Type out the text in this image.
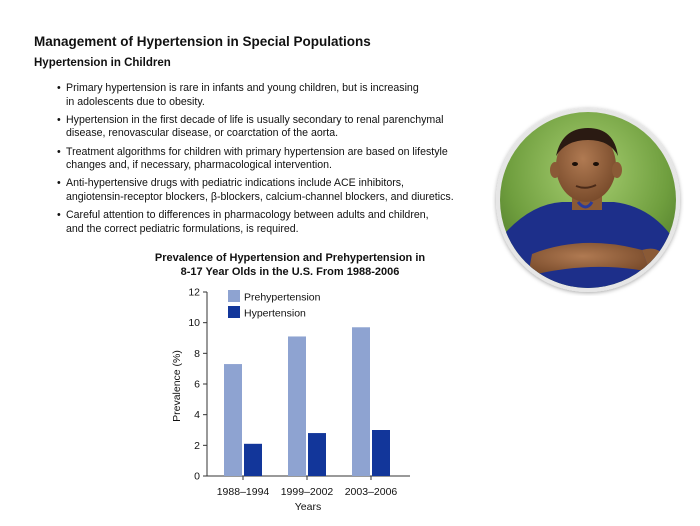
Management of Hypertension in Special Populations
Hypertension in Children
• Primary hypertension is rare in infants and young children, but is increasing
in adolescents due to obesity.
• Hypertension in the first decade of life is usually secondary to renal parenchymal
disease, renovascular disease, or coarctation of the aorta.
• Treatment algorithms for children with primary hypertension are based on lifestyle
changes and, if necessary, pharmacological intervention.
• Anti-hypertensive drugs with pediatric indications include ACE inhibitors,
angiotensin-receptor blockers, β-blockers, calcium-channel blockers, and diuretics.
• Careful attention to differences in pharmacology between adults and children,
and the correct pediatric formulations, is required.
Prevalence of Hypertension and Prehypertension in
8-17 Year Olds in the U.S. From 1988-2006
0
2
4
6
8
10
12
1988–1994 1999–2002 2003–2006
Prehypertension
Hypertension
Years
Prevalence (%)
